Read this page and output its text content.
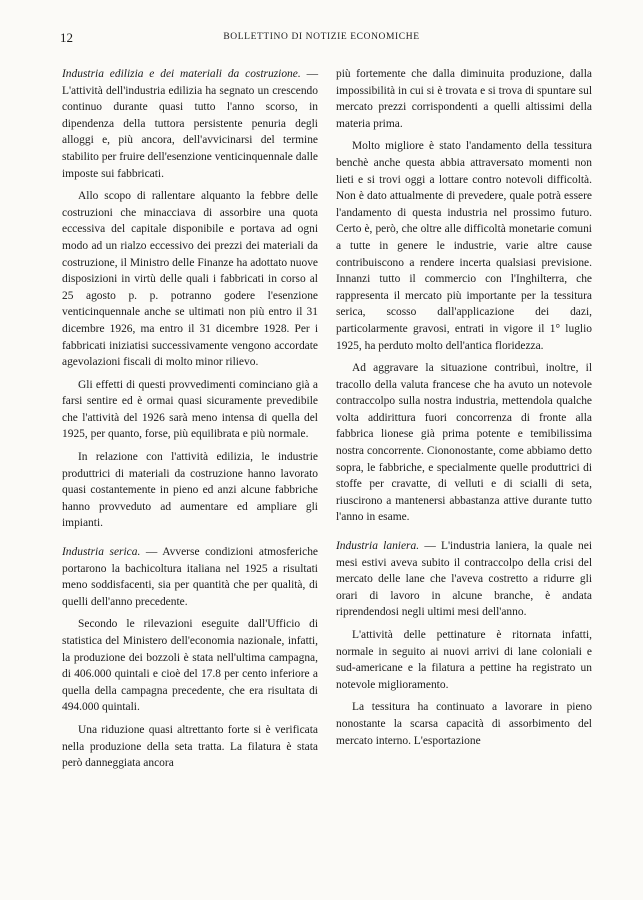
12	BOLLETTINO DI NOTIZIE ECONOMICHE

Industria edilizia e dei materiali da costruzione. — L'attività dell'industria edilizia ha segnato un crescendo continuo durante quasi tutto l'anno scorso, in dipendenza della tuttora persistente penuria degli alloggi e, più ancora, dell'avvicinarsi del termine stabilito per fruire dell'esenzione venticinquennale dalle imposte sui fabbricati.

Allo scopo di rallentare alquanto la febbre delle costruzioni che minacciava di assorbire una quota eccessiva del capitale disponibile e portava ad ogni modo ad un rialzo eccessivo dei prezzi dei materiali da costruzione, il Ministro delle Finanze ha adottato nuove disposizioni in virtù delle quali i fabbricati in corso al 25 agosto p. p. potranno godere l'esenzione venticinquennale anche se ultimati non più entro il 31 dicembre 1926, ma entro il 31 dicembre 1928. Per i fabbricati iniziatisi successivamente vengono accordate agevolazioni fiscali di molto minor rilievo.

Gli effetti di questi provvedimenti cominciano già a farsi sentire ed è ormai quasi sicuramente prevedibile che l'attività del 1926 sarà meno intensa di quella del 1925, per quanto, forse, più equilibrata e più normale.

In relazione con l'attività edilizia, le industrie produttrici di materiali da costruzione hanno lavorato quasi costantemente in pieno ed anzi alcune fabbriche hanno provveduto ad aumentare ed ampliare gli impianti.

Industria serica. — Avverse condizioni atmosferiche portarono la bachicoltura italiana nel 1925 a risultati meno soddisfacenti, sia per quantità che per qualità, di quelli dell'anno precedente.

Secondo le rilevazioni eseguite dall'Ufficio di statistica del Ministero dell'economia nazionale, infatti, la produzione dei bozzoli è stata nell'ultima campagna, di 406.000 quintali e cioè del 17.8 per cento inferiore a quella della campagna precedente, che era risultata di 494.000 quintali.

Una riduzione quasi altrettanto forte si è verificata nella produzione della seta tratta. La filatura è stata però danneggiata ancora

più fortemente che dalla diminuita produzione, dalla impossibilità in cui si è trovata e si trova di spuntare sul mercato prezzi corrispondenti a quelli altissimi della materia prima.

Molto migliore è stato l'andamento della tessitura benchè anche questa abbia attraversato momenti non lieti e si trovi oggi a lottare contro notevoli difficoltà. Non è dato attualmente di prevedere, quale potrà essere l'andamento di questa industria nel prossimo futuro. Certo è, però, che oltre alle difficoltà monetarie comuni a tutte in genere le industrie, varie altre cause contribuiscono a rendere incerta qualsiasi previsione. Innanzi tutto il commercio con l'Inghilterra, che rappresenta il mercato più importante per la tessitura serica, scosso dall'applicazione dei dazi, particolarmente gravosi, entrati in vigore il 1° luglio 1925, ha perduto molto dell'antica floridezza.

Ad aggravare la situazione contribuì, inoltre, il tracollo della valuta francese che ha avuto un notevole contraccolpo sulla nostra industria, mettendola qualche volta addirittura fuori concorrenza di fronte alla fabbrica lionese già prima potente e temibilissima nostra concorrente. Ciononostante, come abbiamo detto sopra, le fabbriche, e specialmente quelle produttrici di stoffe per cravatte, di velluti e di scialli di seta, riuscirono a mantenersi abbastanza attive durante tutto l'anno in esame.

Industria laniera. — L'industria laniera, la quale nei mesi estivi aveva subito il contraccolpo della crisi del mercato delle lane che l'aveva costretto a ridurre gli orari di lavoro in alcune branche, è andata riprendendosi negli ultimi mesi dell'anno.

L'attività delle pettinature è ritornata infatti, normale in seguito ai nuovi arrivi di lane coloniali e sud-americane e la filatura a pettine ha registrato un notevole miglioramento.

La tessitura ha continuato a lavorare in pieno nonostante la scarsa capacità di assorbimento del mercato interno. L'esportazione
